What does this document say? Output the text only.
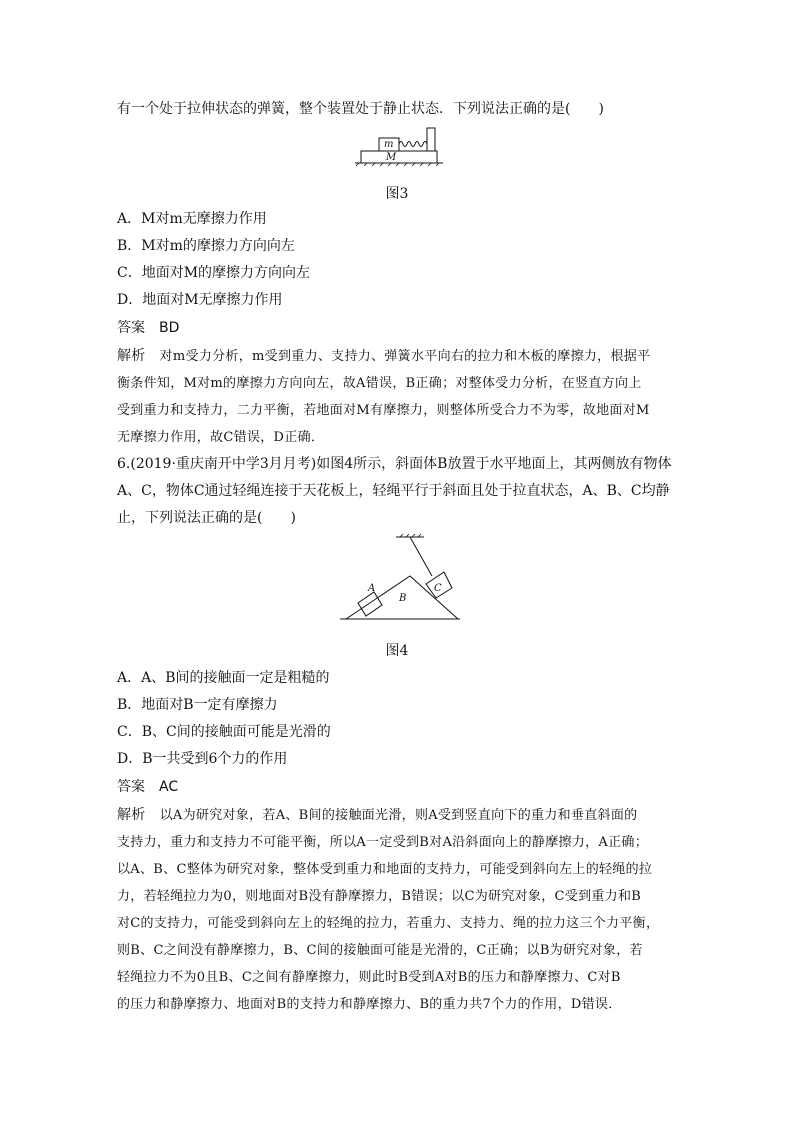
有一个处于拉伸状态的弹簧，整个装置处于静止状态．下列说法正确的是(　　)
m
M
图3
A．M对m无摩擦力作用
B．M对m的摩擦力方向向左
C．地面对M的摩擦力方向向左
D．地面对M无摩擦力作用
答案 BD
解析 对m受力分析，m受到重力、支持力、弹簧水平向右的拉力和木板的摩擦力，根据平
衡条件知，M对m的摩擦力方向向左，故A错误，B正确；对整体受力分析，在竖直方向上
受到重力和支持力，二力平衡，若地面对M有摩擦力，则整体所受合力不为零，故地面对M
无摩擦力作用，故C错误，D正确．
6.(2019·重庆南开中学3月月考)如图4所示，斜面体B放置于水平地面上，其两侧放有物体
A、C，物体C通过轻绳连接于天花板上，轻绳平行于斜面且处于拉直状态，A、B、C均静
止，下列说法正确的是(　　)
A
B
C
图4
A．A、B间的接触面一定是粗糙的
B．地面对B一定有摩擦力
C．B、C间的接触面可能是光滑的
D．B一共受到6个力的作用
答案 AC
解析 以A为研究对象，若A、B间的接触面光滑，则A受到竖直向下的重力和垂直斜面的
支持力，重力和支持力不可能平衡，所以A一定受到B对A沿斜面向上的静摩擦力，A正确；
以A、B、C整体为研究对象，整体受到重力和地面的支持力，可能受到斜向左上的轻绳的拉
力，若轻绳拉力为0，则地面对B没有静摩擦力，B错误；以C为研究对象，C受到重力和B
对C的支持力，可能受到斜向左上的轻绳的拉力，若重力、支持力、绳的拉力这三个力平衡，
则B、C之间没有静摩擦力，B、C间的接触面可能是光滑的，C正确；以B为研究对象，若
轻绳拉力不为0且B、C之间有静摩擦力，则此时B受到A对B的压力和静摩擦力、C对B
的压力和静摩擦力、地面对B的支持力和静摩擦力、B的重力共7个力的作用，D错误．
